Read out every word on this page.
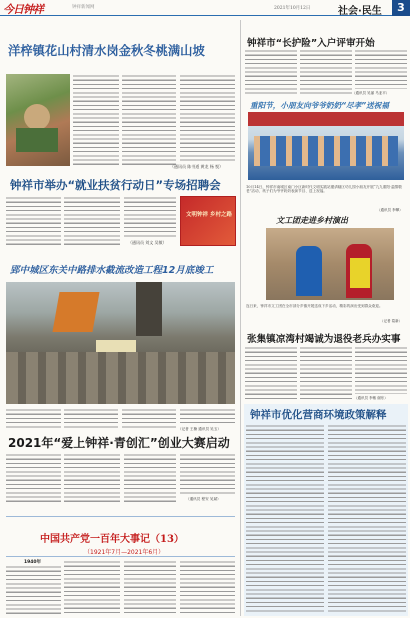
今日钟祥	钟祥新闻网	2021年10月12日	社会·民生	3
洋梓镇花山村清水岗金秋冬桃满山坡
（通讯员 陈书道 黄龙 杨 悦）
钟祥市举办“就业扶贫行动日”专场招聘会
（通讯员 刘文 吴敏）
文明钟祥 乡村之路
郢中城区东关中路排水截流改造工程12月底竣工
（记者 王楠 通讯员 吴玉）
2021年“爱上钟祥·青创汇”创业大赛启动
（通讯员 程安 吴斌）
中国共产党一百年大事记（13）
（1921年7月—2021年6月）
1940年
钟祥市“长护险”入户评审开始
（通讯员 吴丽 马亚平）
重阳节，小朋友向爷爷奶奶“尽孝”送祝福
10月14日，钟祥市南城区南门小区新时代文明实践站邀请辖区幼儿园小朋友开展“九九重阳·温情敬老”活动，孩子们为爷爷奶奶表演节目、送上祝福。
（通讯员 李攀）
文工团走进乡村演出
连日来，钟祥市文工团在全市部分乡镇开展送戏下乡活动，精彩的演出受到群众欢迎。
（记者 葛新）
张集镇凉湾村竭诚为退役老兵办实事
（通讯员 李敏 谢东）
钟祥市优化营商环境政策解释
